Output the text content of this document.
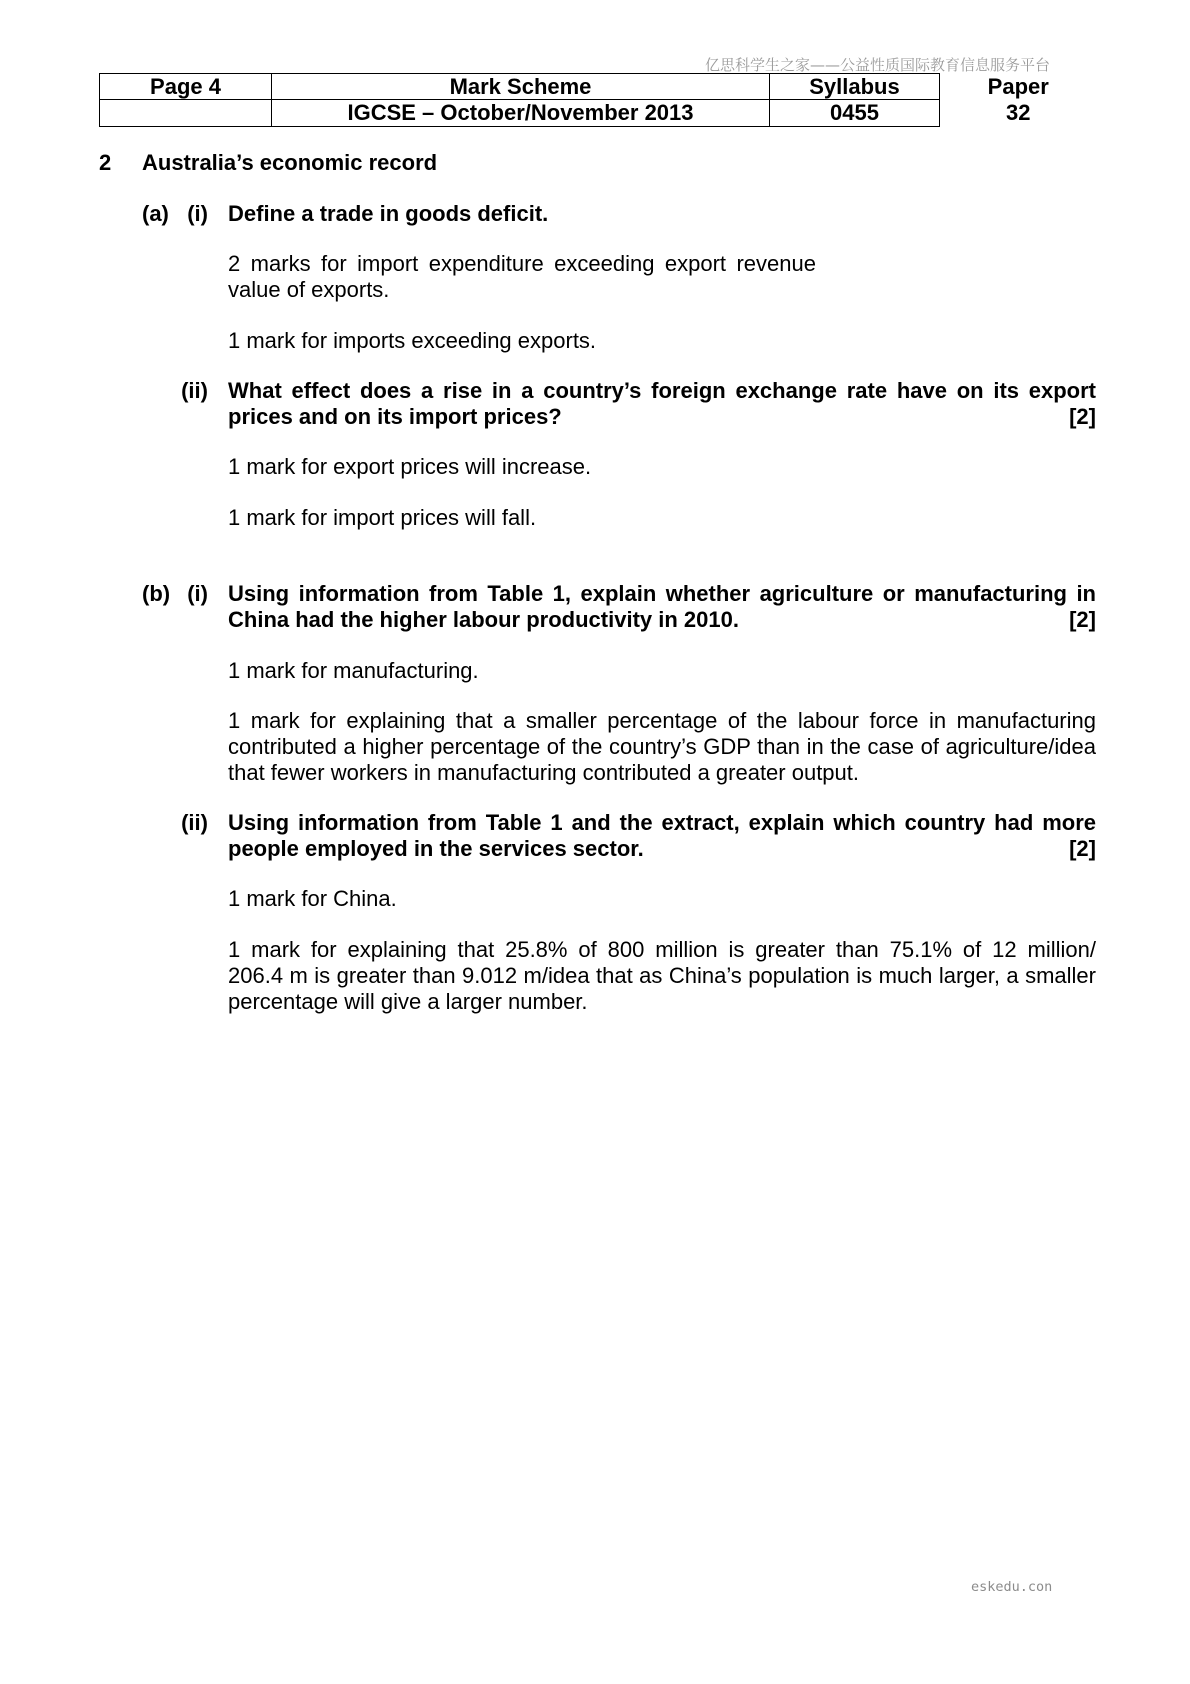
亿思科学生之家——公益性质国际教育信息服务平台
Page 4	Mark Scheme	Syllabus	Paper
	IGCSE – October/November 2013	0455	32
2 Australia’s economic record
(a) (i) Define a trade in goods deficit.
2 marks for import expenditure exceeding export revenue
value of exports.
1 mark for imports exceeding exports.
(ii) What effect does a rise in a country’s foreign exchange rate have on its export
prices and on its import prices?	[2]
1 mark for export prices will increase.
1 mark for import prices will fall.
(b) (i) Using information from Table 1, explain whether agriculture or manufacturing in
China had the higher labour productivity in 2010.	[2]
1 mark for manufacturing.
1 mark for explaining that a smaller percentage of the labour force in manufacturing
contributed a higher percentage of the country’s GDP than in the case of agriculture/idea
that fewer workers in manufacturing contributed a greater output.
(ii) Using information from Table 1 and the extract, explain which country had more
people employed in the services sector.	[2]
1 mark for China.
1 mark for explaining that 25.8% of 800 million is greater than 75.1% of 12 million/
206.4 m is greater than 9.012 m/idea that as China’s population is much larger, a smaller
percentage will give a larger number.
eskedu.con
